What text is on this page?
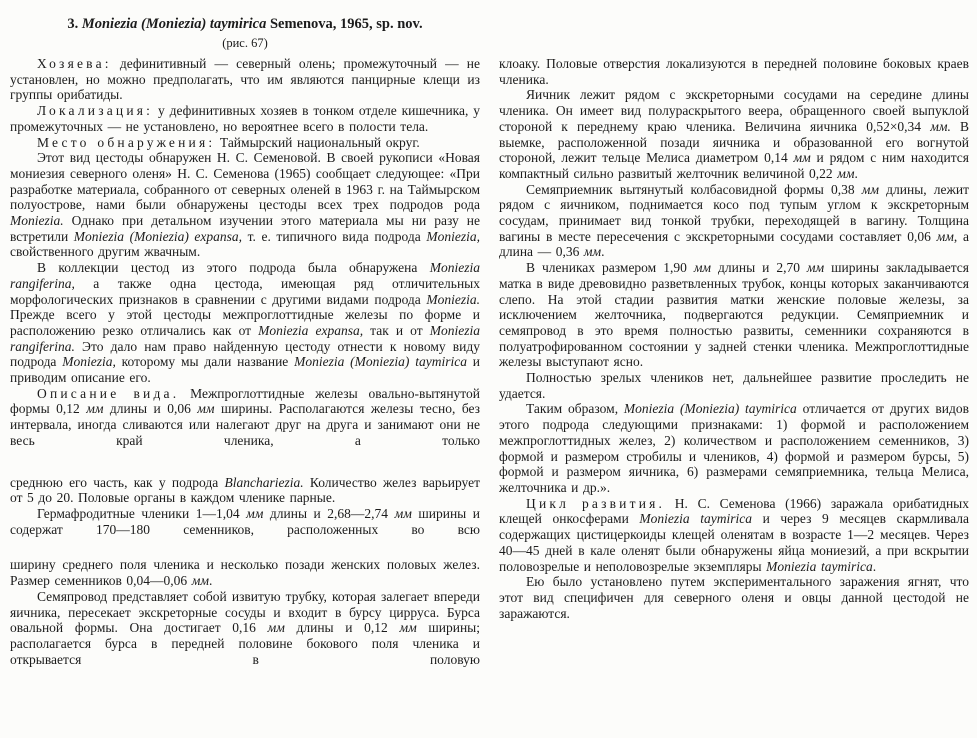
3. Moniezia (Moniezia) taymirica Semenova, 1965, sp. nov.
(рис. 67)

Хозяева: дефинитивный — северный олень; промежуточный — не установлен, но можно предполагать, что им являются панцирные клещи из группы орибатиды.

Локализация: у дефинитивных хозяев в тонком отделе кишечника, у промежуточных — не установлено, но вероятнее всего в полости тела.

Место обнаружения: Таймырский национальный округ.

Этот вид цестоды обнаружен Н. С. Семеновой. В своей рукописи «Новая мониезия северного оленя» Н. С. Семенова (1965) сообщает следующее: «При разработке материала, собранного от северных оленей в 1963 г. на Таймырском полуострове, нами были обнаружены цестоды всех трех подродов рода Moniezia. Однако при детальном изучении этого материала мы ни разу не встретили Moniezia (Moniezia) expansa, т. е. типичного вида подрода Moniezia, свойственного другим жвачным.

В коллекции цестод из этого подрода была обнаружена Moniezia rangiferina, а также одна цестода, имеющая ряд отличительных морфологических признаков в сравнении с другими видами подрода Moniezia. Прежде всего у этой цестоды межпроглоттидные железы по форме и расположению резко отличались как от Moniezia expansa, так и от Moniezia rangiferina. Это дало нам право найденную цестоду отнести к новому виду подрода Moniezia, которому мы дали название Moniezia (Moniezia) taymirica и приводим описание его.

Описание вида. Межпроглоттидные железы овально-вытянутой формы 0,12 мм длины и 0,06 мм ширины. Располагаются железы тесно, без интервала, иногда сливаются или налегают друг на друга и занимают они не весь край членика, а только

среднюю его часть, как у подрода Blanchariezia. Количество желез варьирует от 5 до 20. Половые органы в каждом членике парные.

Гермафродитные членики 1—1,04 мм длины и 2,68—2,74 мм ширины и содержат 170—180 семенников, расположенных во всю

ширину среднего поля членика и несколько позади женских половых желез. Размер семенников 0,04—0,06 мм.

Семяпровод представляет собой извитую трубку, которая залегает впереди яичника, пересекает экскреторные сосуды и входит в бурсу цирруса. Бурса овальной формы. Она достигает 0,16 мм длины и 0,12 мм ширины; располагается бурса в передней половине бокового поля членика и открывается в половую

клоаку. Половые отверстия локализуются в передней половине боковых краев членика.

Яичник лежит рядом с экскреторными сосудами на середине длины членика. Он имеет вид полураскрытого веера, обращенного своей выпуклой стороной к переднему краю членика. Величина яичника 0,52×0,34 мм. В выемке, расположенной позади яичника и образованной его вогнутой стороной, лежит тельце Мелиса диаметром 0,14 мм и рядом с ним находится компактный сильно развитый желточник величиной 0,22 мм.

Семяприемник вытянутый колбасовидной формы 0,38 мм длины, лежит рядом с яичником, поднимается косо под тупым углом к экскреторным сосудам, принимает вид тонкой трубки, переходящей в вагину. Толщина вагины в месте пересечения с экскреторными сосудами составляет 0,06 мм, а длина — 0,36 мм.

В члениках размером 1,90 мм длины и 2,70 мм ширины закладывается матка в виде древовидно разветвленных трубок, концы которых заканчиваются слепо. На этой стадии развития матки женские половые железы, за исключением желточника, подвергаются редукции. Семяприемник и семяпровод в это время полностью развиты, семенники сохраняются в полуатрофированном состоянии у задней стенки членика. Межпроглоттидные железы выступают ясно.

Полностью зрелых члеников нет, дальнейшее развитие проследить не удается.

Таким образом, Moniezia (Moniezia) taymirica отличается от других видов этого подрода следующими признаками: 1) формой и расположением межпроглоттидных желез, 2) количеством и расположением семенников, 3) формой и размером стробилы и члеников, 4) формой и размером бурсы, 5) формой и размером яичника, 6) размерами семяприемника, тельца Мелиса, желточника и др.».

Цикл развития. Н. С. Семенова (1966) заражала орибатидных клещей онкосферами Moniezia taymirica и через 9 месяцев скармливала содержащих цистицеркоиды клещей оленятам в возрасте 1—2 месяцев. Через 40—45 дней в кале оленят были обнаружены яйца мониезий, а при вскрытии половозрелые и неполовозрелые экземпляры Moniezia taymirica.

Ею было установлено путем экспериментального заражения ягнят, что этот вид специфичен для северного оленя и овцы данной цестодой не заражаются.
